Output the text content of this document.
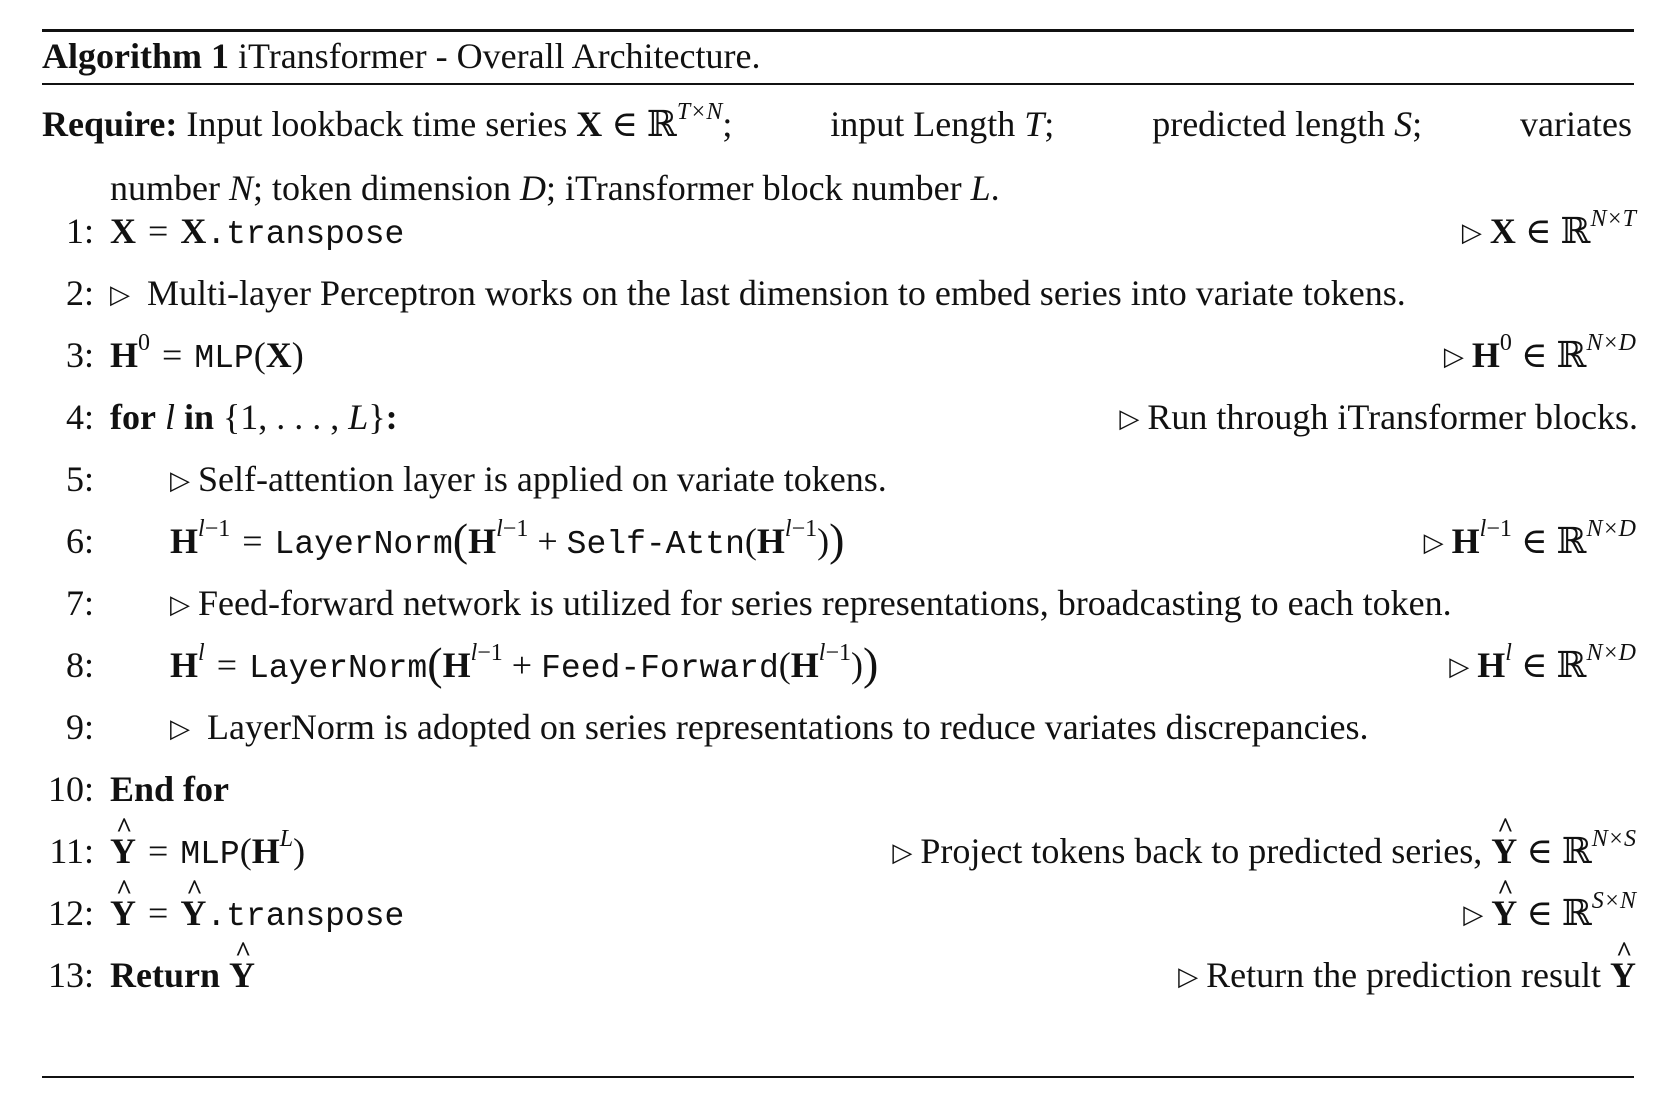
Algorithm 1 iTransformer - Overall Architecture.
Require: Input lookback time series X ∈ ℝ$^{T\times N}$;	input Length T;	predicted length S;	variates
number N; token dimension D; iTransformer block number L.
1: X = X.transpose	▷ X ∈ ℝ$^{N\times T}$
2: ▷ Multi-layer Perceptron works on the last dimension to embed series into variate tokens.
3: $H^0 = MLP(X)$	▷ $H^0$ ∈ ℝ$^{N\times D}$
4: for l in {1, . . . , L}:	▷ Run through iTransformer blocks.
5:	▷ Self-attention layer is applied on variate tokens.
6: $H^{l-1}$ = $LayerNorm(H^{l-1}$ + Self-$Attn(H^{l-1})$)	▷ $H^{l-1}$ ∈ ℝ$^{N\times D}$
7:	▷ Feed-forward network is utilized for series representations, broadcasting to each token.
8: $H^l$ = $LayerNorm(H^{l-1}$ + Feed-$Forward(H^{l-1})$)	▷ $H^l$ ∈ ℝ$^{N\times D}$
9:	▷ LayerNorm is adopted on series representations to reduce variates discrepancies.
10: End for
11: ^ $Y = MLP(H^L)$	▷ Project tokens back to predicted series, ^ Y ∈ ℝ$^{N\times S}$
12: ^ Y = ^ Y.transpose	▷ ^ Y ∈ ℝ$^{S\times N}$
13: Return ^ Y	▷ Return the prediction result ^ Y
